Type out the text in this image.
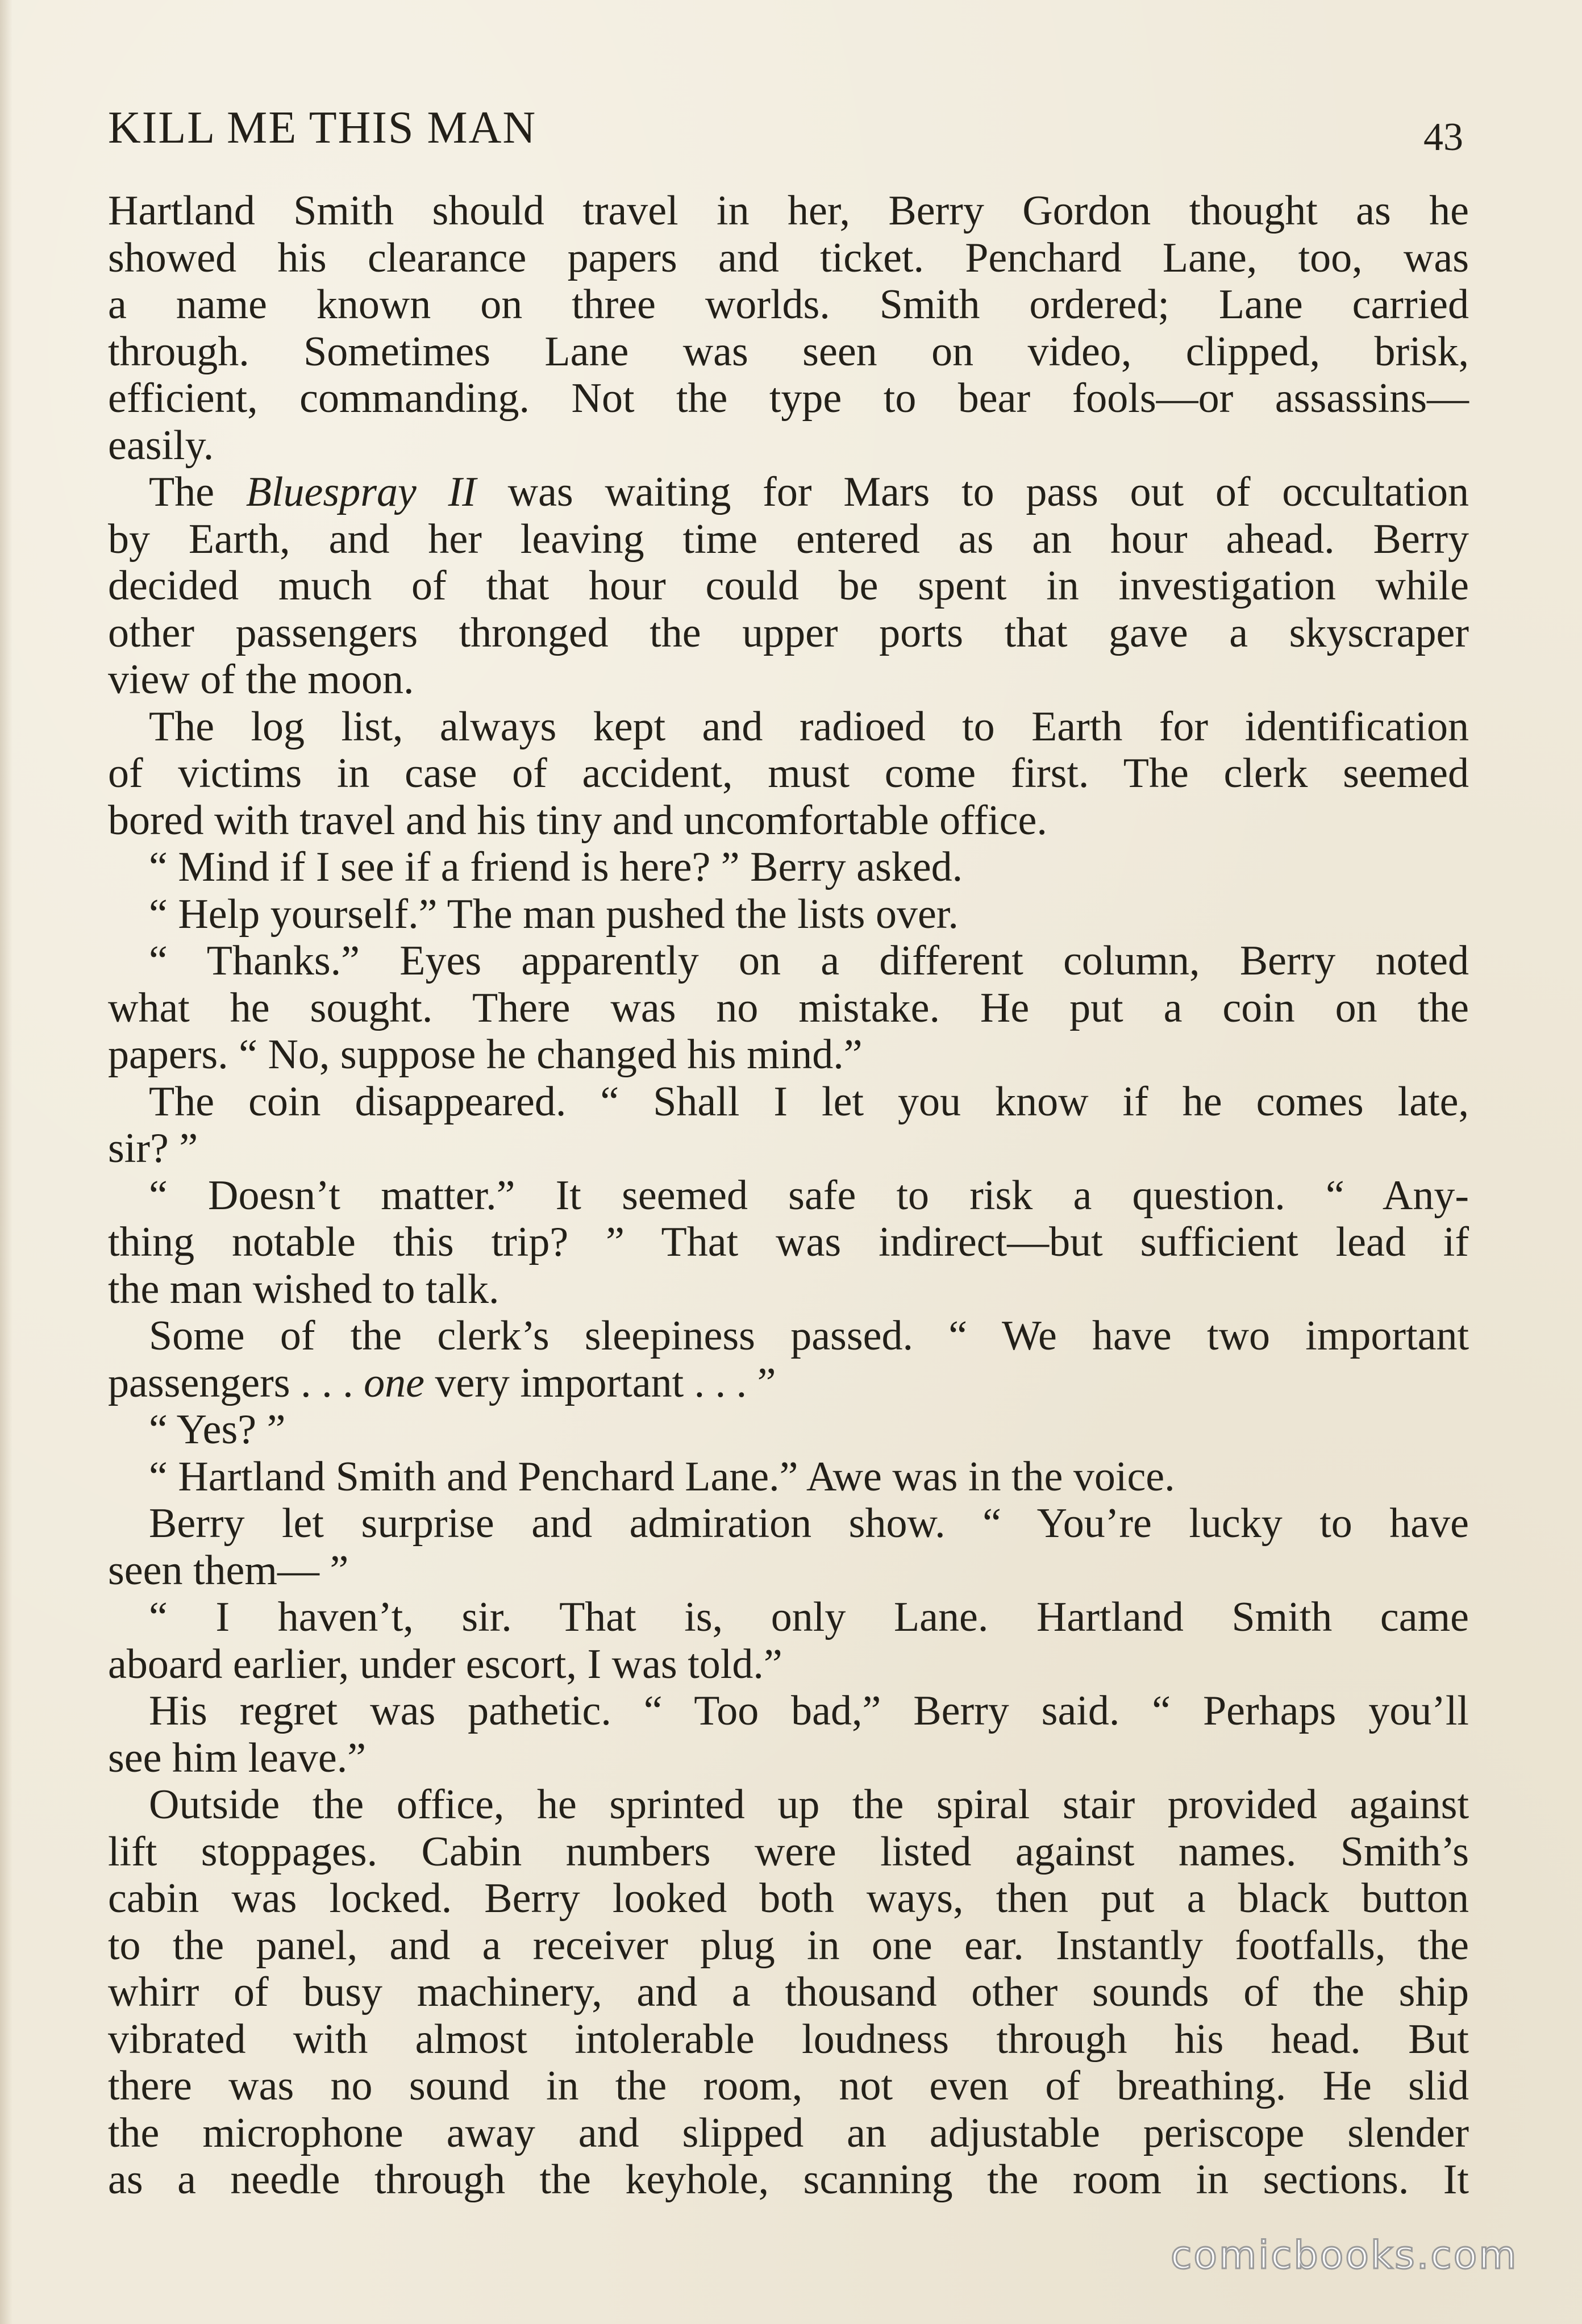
KILL ME THIS MAN	43
Hartland Smith should travel in her, Berry Gordon thought as he
showed his clearance papers and ticket. Penchard Lane, too, was
a name known on three worlds. Smith ordered; Lane carried
through. Sometimes Lane was seen on video, clipped, brisk,
efficient, commanding. Not the type to bear fools—or assassins—
easily.
The Bluespray II was waiting for Mars to pass out of occultation
by Earth, and her leaving time entered as an hour ahead. Berry
decided much of that hour could be spent in investigation while
other passengers thronged the upper ports that gave a skyscraper
view of the moon.
The log list, always kept and radioed to Earth for identification
of victims in case of accident, must come first. The clerk seemed
bored with travel and his tiny and uncomfortable office.
“ Mind if I see if a friend is here? ” Berry asked.
“ Help yourself.” The man pushed the lists over.
“ Thanks.” Eyes apparently on a different column, Berry noted
what he sought. There was no mistake. He put a coin on the
papers. “ No, suppose he changed his mind.”
The coin disappeared. “ Shall I let you know if he comes late,
sir? ”
“ Doesn’t matter.” It seemed safe to risk a question. “ Any-
thing notable this trip? ” That was indirect—but sufficient lead if
the man wished to talk.
Some of the clerk’s sleepiness passed. “ We have two important
passengers . . . one very important . . . ”
“ Yes? ”
“ Hartland Smith and Penchard Lane.” Awe was in the voice.
Berry let surprise and admiration show. “ You’re lucky to have
seen them— ”
“ I haven’t, sir. That is, only Lane. Hartland Smith came
aboard earlier, under escort, I was told.”
His regret was pathetic. “ Too bad,” Berry said. “ Perhaps you’ll
see him leave.”
Outside the office, he sprinted up the spiral stair provided against
lift stoppages. Cabin numbers were listed against names. Smith’s
cabin was locked. Berry looked both ways, then put a black button
to the panel, and a receiver plug in one ear. Instantly footfalls, the
whirr of busy machinery, and a thousand other sounds of the ship
vibrated with almost intolerable loudness through his head. But
there was no sound in the room, not even of breathing. He slid
the microphone away and slipped an adjustable periscope slender
as a needle through the keyhole, scanning the room in sections. It
comicbooks.com
